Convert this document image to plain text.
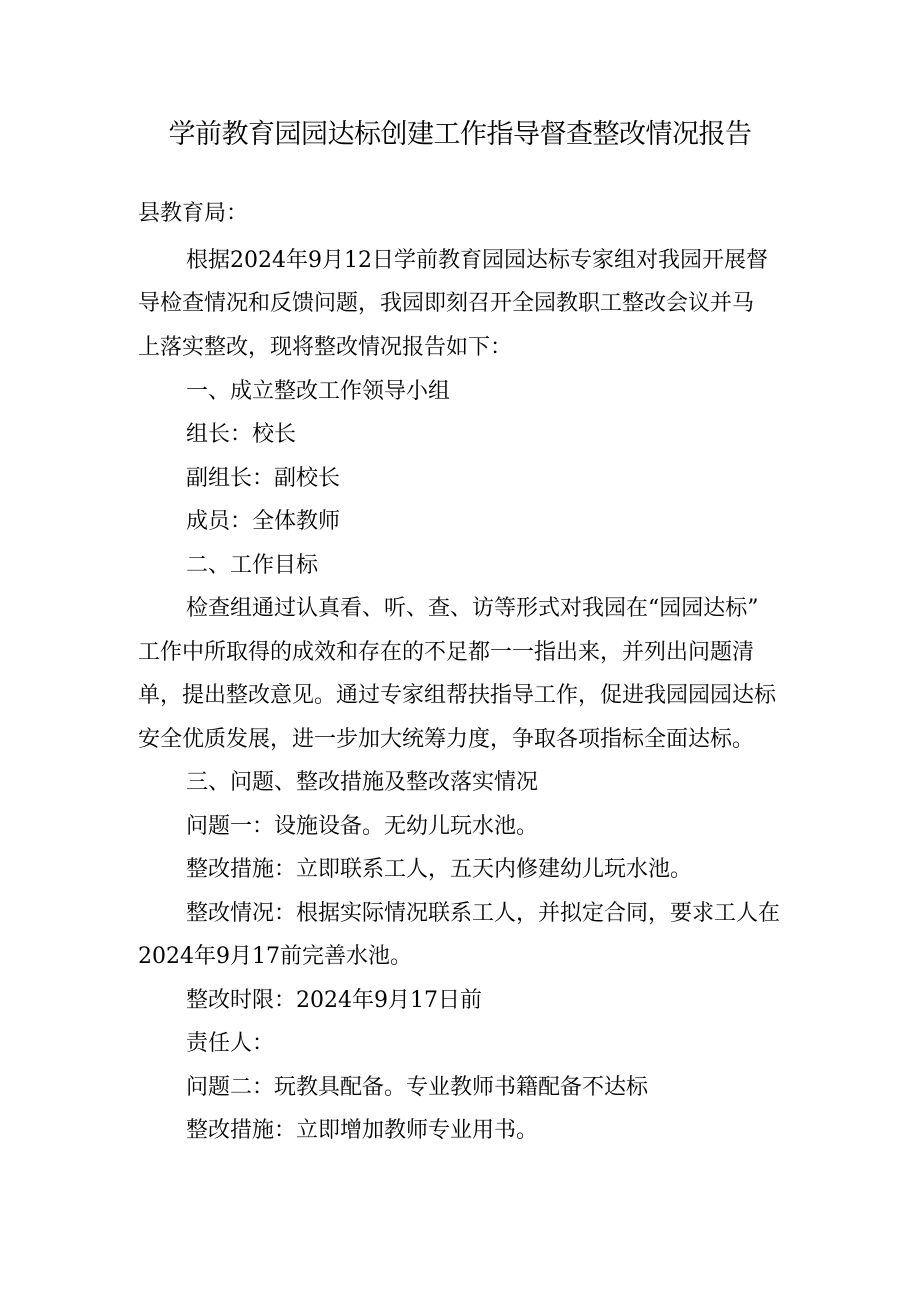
学前教育园园达标创建工作指导督查整改情况报告
县教育局：
根据2024年9月12日学前教育园园达标专家组对我园开展督
导检查情况和反馈问题，我园即刻召开全园教职工整改会议并马
上落实整改，现将整改情况报告如下：
一、成立整改工作领导小组
组长：校长
副组长：副校长
成员：全体教师
二、工作目标
检查组通过认真看、听、查、访等形式对我园在“园园达标”
工作中所取得的成效和存在的不足都一一指出来，并列出问题清
单，提出整改意见。通过专家组帮扶指导工作，促进我园园园达标
安全优质发展，进一步加大统筹力度，争取各项指标全面达标。
三、问题、整改措施及整改落实情况
问题一：设施设备。无幼儿玩水池。
整改措施：立即联系工人，五天内修建幼儿玩水池。
整改情况：根据实际情况联系工人，并拟定合同，要求工人在
2024年9月17前完善水池。
整改时限：2024年9月17日前
责任人：
问题二：玩教具配备。专业教师书籍配备不达标
整改措施：立即增加教师专业用书。
